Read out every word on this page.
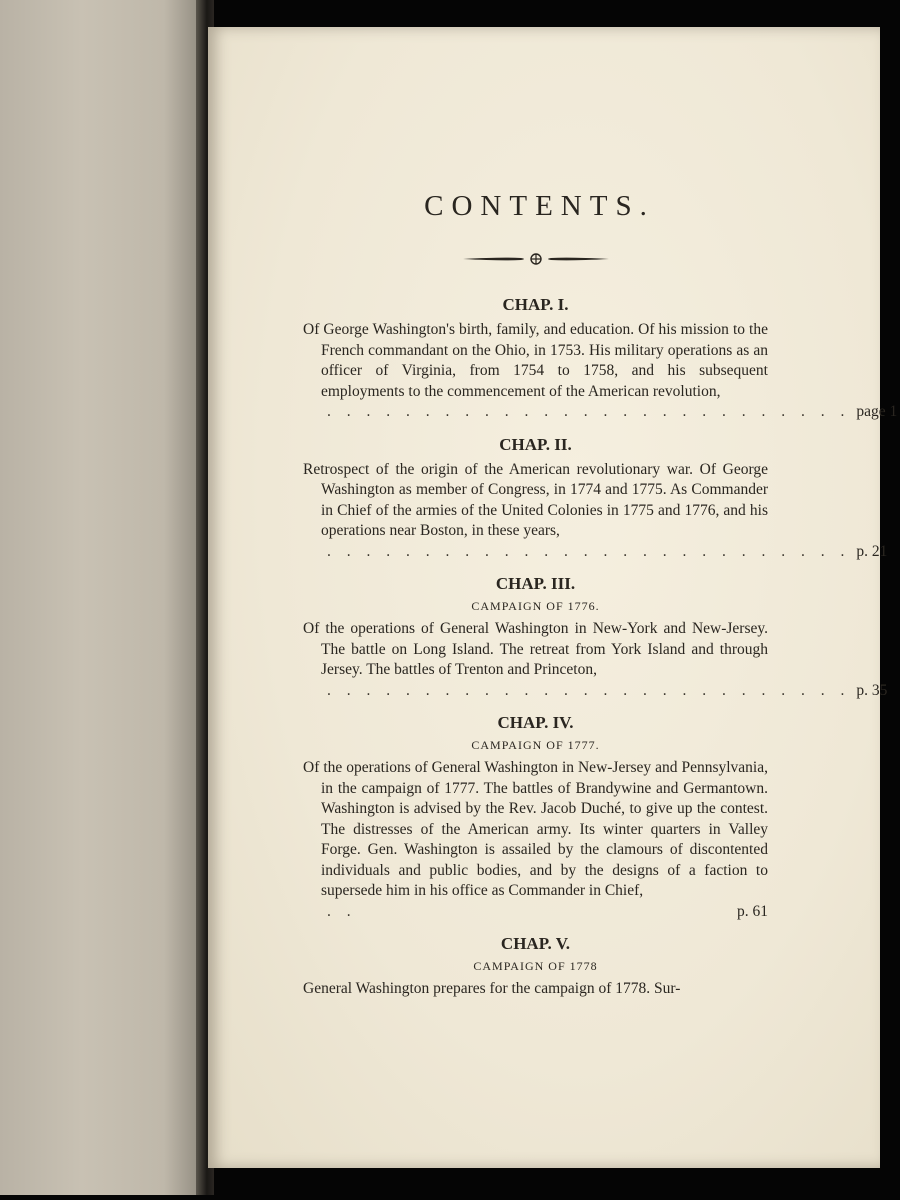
CONTENTS.

CHAP. I.

Of George Washington's birth, family, and education. Of his mission to the French commandant on the Ohio, in 1753. His military operations as an officer of Virginia, from 1754 to 1758, and his subsequent employments to the commencement of the American revolution,

. . . . . . . . . . . . . . . . . . . . . . . . . . . page 1

CHAP. II.

Retrospect of the origin of the American revolutionary war. Of George Washington as member of Congress, in 1774 and 1775. As Commander in Chief of the armies of the United Colonies in 1775 and 1776, and his operations near Boston, in these years,

. . . . . . . . . . . . . . . . . . . . . . . . . . . p. 21

CHAP. III.

CAMPAIGN OF 1776.

Of the operations of General Washington in New-York and New-Jersey. The battle on Long Island. The retreat from York Island and through Jersey. The battles of Trenton and Princeton,

. . . . . . . . . . . . . . . . . . . . . . . . . . . p. 35

CHAP. IV.

CAMPAIGN OF 1777.

Of the operations of General Washington in New-Jersey and Pennsylvania, in the campaign of 1777. The battles of Brandywine and Germantown. Washington is advised by the Rev. Jacob Duché, to give up the contest. The distresses of the American army. Its winter quarters in Valley Forge. Gen. Washington is assailed by the clamours of discontented individuals and public bodies, and by the designs of a faction to supersede him in his office as Commander in Chief,

. .	p. 61

CHAP. V.

CAMPAIGN OF 1778

General Washington prepares for the campaign of 1778. Sur-
